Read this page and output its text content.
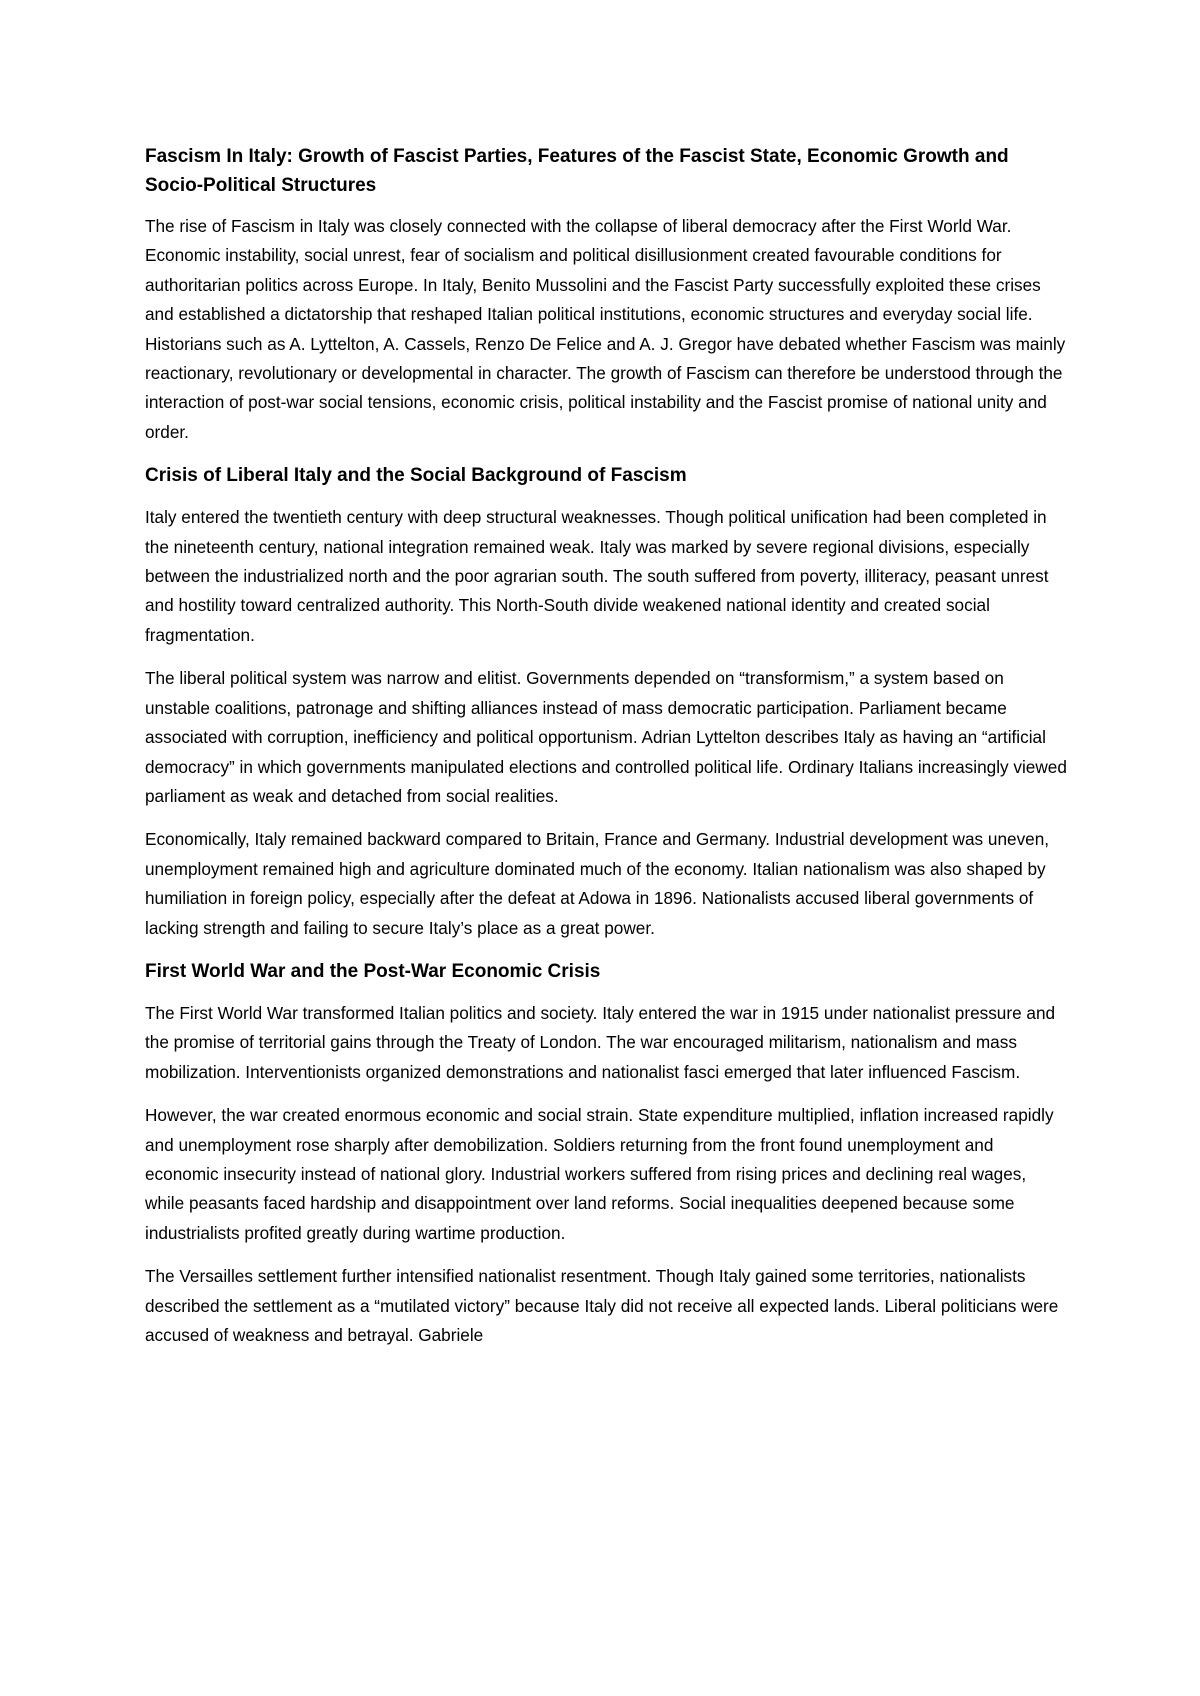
Fascism In Italy: Growth of Fascist Parties, Features of the Fascist State, Economic Growth and Socio-Political Structures

The rise of Fascism in Italy was closely connected with the collapse of liberal democracy after the First World War. Economic instability, social unrest, fear of socialism and political disillusionment created favourable conditions for authoritarian politics across Europe. In Italy, Benito Mussolini and the Fascist Party successfully exploited these crises and established a dictatorship that reshaped Italian political institutions, economic structures and everyday social life. Historians such as A. Lyttelton, A. Cassels, Renzo De Felice and A. J. Gregor have debated whether Fascism was mainly reactionary, revolutionary or developmental in character. The growth of Fascism can therefore be understood through the interaction of post-war social tensions, economic crisis, political instability and the Fascist promise of national unity and order.

Crisis of Liberal Italy and the Social Background of Fascism

Italy entered the twentieth century with deep structural weaknesses. Though political unification had been completed in the nineteenth century, national integration remained weak. Italy was marked by severe regional divisions, especially between the industrialized north and the poor agrarian south. The south suffered from poverty, illiteracy, peasant unrest and hostility toward centralized authority. This North-South divide weakened national identity and created social fragmentation.

The liberal political system was narrow and elitist. Governments depended on “transformism,” a system based on unstable coalitions, patronage and shifting alliances instead of mass democratic participation. Parliament became associated with corruption, inefficiency and political opportunism. Adrian Lyttelton describes Italy as having an “artificial democracy” in which governments manipulated elections and controlled political life. Ordinary Italians increasingly viewed parliament as weak and detached from social realities.

Economically, Italy remained backward compared to Britain, France and Germany. Industrial development was uneven, unemployment remained high and agriculture dominated much of the economy. Italian nationalism was also shaped by humiliation in foreign policy, especially after the defeat at Adowa in 1896. Nationalists accused liberal governments of lacking strength and failing to secure Italy’s place as a great power.

First World War and the Post-War Economic Crisis

The First World War transformed Italian politics and society. Italy entered the war in 1915 under nationalist pressure and the promise of territorial gains through the Treaty of London. The war encouraged militarism, nationalism and mass mobilization. Interventionists organized demonstrations and nationalist fasci emerged that later influenced Fascism.

However, the war created enormous economic and social strain. State expenditure multiplied, inflation increased rapidly and unemployment rose sharply after demobilization. Soldiers returning from the front found unemployment and economic insecurity instead of national glory. Industrial workers suffered from rising prices and declining real wages, while peasants faced hardship and disappointment over land reforms. Social inequalities deepened because some industrialists profited greatly during wartime production.

The Versailles settlement further intensified nationalist resentment. Though Italy gained some territories, nationalists described the settlement as a “mutilated victory” because Italy did not receive all expected lands. Liberal politicians were accused of weakness and betrayal. Gabriele
